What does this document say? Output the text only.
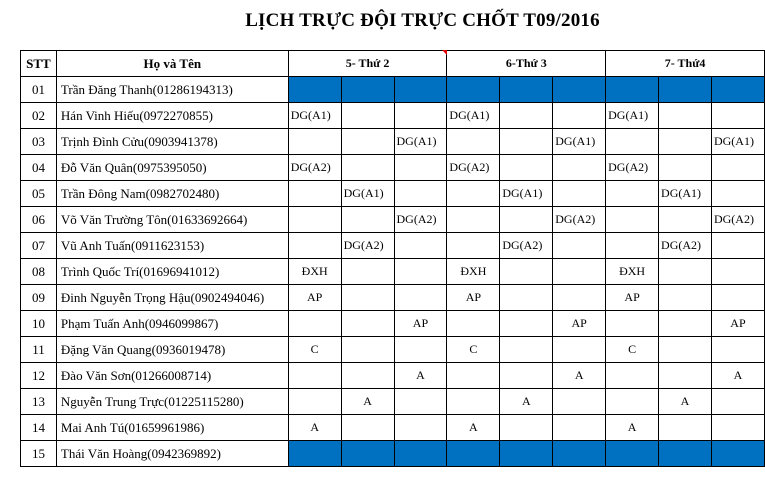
LỊCH TRỰC ĐỘI TRỰC CHỐT T09/2016
STT	Họ và Tên	5- Thứ 2			6-Thứ 3			7- Thứ4		
01	Trần Đăng Thanh(01286194313)									
02	Hán Vinh Hiếu(0972270855)	DG(A1)			DG(A1)			DG(A1)		
03	Trịnh Đình Cửu(0903941378)			DG(A1)			DG(A1)			DG(A1)
04	Đỗ Văn Quân(0975395050)	DG(A2)			DG(A2)			DG(A2)		
05	Trần Đông Nam(0982702480)		DG(A1)			DG(A1)			DG(A1)	
06	Võ Văn Trường Tôn(01633692664)			DG(A2)			DG(A2)			DG(A2)
07	Vũ Anh Tuấn(0911623153)		DG(A2)			DG(A2)			DG(A2)	
08	Trình Quốc Trí(01696941012)	ĐXH			ĐXH			ĐXH		
09	Đinh Nguyễn Trọng Hậu(0902494046)	AP			AP			AP		
10	Phạm Tuấn Anh(0946099867)			AP			AP			AP
11	Đặng Văn Quang(0936019478)	C			C			C		
12	Đào Văn Sơn(01266008714)			A			A			A
13	Nguyễn Trung Trực(01225115280)		A			A			A	
14	Mai Anh Tú(01659961986)	A			A			A		
15	Thái Văn Hoàng(0942369892)									
